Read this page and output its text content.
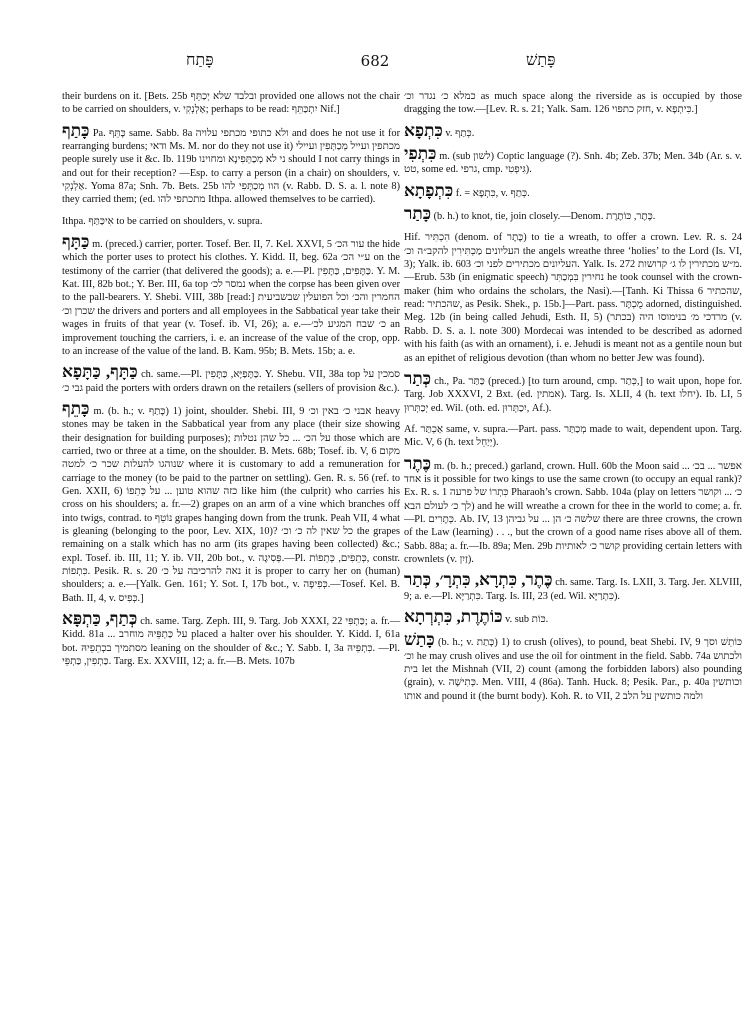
פָּתַח	682	פָּתַשׁ

their burdens on it. [Bets. 25b ובלבד שלא יְכַתֵּף provided one allows not the chair to be carried on shoulders, v. אַלְנְקִי; perhaps to be read: יִתְכַּתֵּף Nif.]

כָּתַף Pa. כָּתֵּף same. Sabb. 8a ולא כתופי מכתפי עלויה and does he not use it for rearranging burdens; ודאי Ms. M. nor do they not use it) מכתפין ועייל מְכַתְּפִין ועיילי people surely use it &c. Ib. 119b ני לא מְכַתְּפִינָא ומחוינו should I not carry things in and out for their reception? —Esp. to carry a person (in a chair) on shoulders, v. אַלְנְקִי. Yoma 87a; Snh. 7b. Bets. 25b הוו מְכַתְּפִי להו (v. Rabb. D. S. a. l. note 8) they carried them; (ed. מתכתפי להו Ithpa. allowed themselves to be carried).

Ithpa. אִיכַּתַּף to be carried on shoulders, v. supra.

כַּתָּף m. (preced.) carrier, porter. Tosef. Ber. II, 7. Kel. XXVI, 5 עור הכ׳ the hide which the porter uses to protect his clothes. Y. Kidd. II, beg. 62a ע״י הכ׳ on the testimony of the carrier (that delivered the goods); a. e.—Pl. כַּתָּפִים, כַּתָּפִין. Y. M. Kat. III, 82b bot.; Y. Ber. III, 6a top נמסר לכ׳ when the corpse has been given over to the pall-bearers. Y. Shebi. VIII, 38b [read:] החמרין והכ׳ וכל הפועלין שבשביעית שכרן וכ׳ the drivers and porters and all employees in the Sabbatical year take their wages in fruits of that year (v. Tosef. ib. VI, 26); a. e.—כ׳ שבח המגיע לכ׳ an improvement touching the carriers, i. e. an increase of the value of the crop, opp. to an increase of the value of the land. B. Kam. 95b; B. Mets. 15b; a. e.

כַּתָּף, כַּתָּפָא ch. same.—Pl. כַּתָּפַיָּא, כַּתָּפִין. Y. Shebu. VII, 38a top סמכין על גבי כ׳ paid the porters with orders drawn on the retailers (sellers of provision &c.).

כָּתֵף m. (b. h.; v. כָּתַף) 1) joint, shoulder. Shebi. III, 9 אבני כ׳ באין וכ׳ heavy stones may be taken in the Sabbatical year from any place (their size showing their designation for building purposes); על הכ׳ ... כל שהן נטלות those which are carried, two or three at a time, on the shoulder. B. Mets. 68b; Tosef. ib. V, 6 מקום שנוהגו להעלות שכר כ׳ למטה where it is customary to add a remuneration for carriage to the money (to be paid to the partner on settling). Gen. R. s. 56 (ref. to Gen. XXII, 6) כזה שהוא טוען ... על כְּתֵפוֹ like him (the culprit) who carries his cross on his shoulders; a. fr.—2) grapes on an arm of a vine which branches off into twigs, contrad. to נוֹטֵף grapes hanging down from the trunk. Peah VII, 4 what is gleaning (belonging to the poor, Lev. XIX, 10)? כל שאין לה כ׳ וכ׳ the grapes remaining on a stalk which has no arm (its grapes having been collected) &c.; expl. Tosef. ib. III, 11; Y. ib. VII, 20b bot., v. פְּסִיגָה.—Pl. כְּתֵפִים, כְּתֵפוֹת, constr. כִּתְפוֹת. Pesik. R. s. 20 נאה להרכיבה על כ׳ it is proper to carry her on (human) shoulders; a. e.—[Yalk. Gen. 161; Y. Sot. I, 17b bot., v. כְּפִיפָה.—Tosef. Kel. B. Bath. II, 4, v. כְּפִיס.]

כְּתַף, כַּתְפָּא ch. same. Targ. Zeph. III, 9. Targ. Job XXXI, 22 כַּתְפִּי; a. fr.—Kidd. 81a ... על כַּתְפֵּיהּ מוחרב placed a halter over his shoulder. Y. Kidd. I, 61a bot. מסתמיך בכְתֵפֵיהּ leaning on the shoulder of &c.; Y. Sabb. I, 3a כִּתְפֵּיהּ. —Pl. כַּתְפִין, כַּתְפֵּי. Targ. Ex. XXVIII, 12; a. fr.—B. Mets. 107b

כמלא כ׳ נגדר וכ׳ as much space along the riverside as is occupied by those dragging the tow.—[Lev. R. s. 21; Yalk. Sam. 126 חזק כתפוי, v. כִּיתְפָא.]

כִּתְפָא v. כְּתַף.

כִּתְפִי m. (sub לשון) Coptic language (?). Snh. 4b; Zeb. 37b; Men. 34b (Ar. s. v. טט, some ed. גרפי, cmp. גִּיפְטִי).

כִּתְפָתָא f. = כִּתְפָא, v. כְּתַף.

כָּתַר (b. h.) to knot, tie, join closely.—Denom. כֶּתֶר, כּוֹתֶרֶת.

Hif. הִכְתִּיר (denom. of כֶּתֶר) to tie a wreath, to offer a crown. Lev. R. s. 24 העליונים מַכְתִּירִין להקב״ה וכ׳ the angels wreathe three ‘holies’ to the Lord (Is. VI, 3); Yalk. ib. 603 העליונים מכתירים לפני וכ׳. Yalk. Is. 272 מ״ש מכתירין לו ג׳ קדושות.—Erub. 53b (in enigmatic speech) נחירין בִּמְכַתִּר he took counsel with the crown-maker (him who ordains the scholars, the Nasi).—[Tanh. Ki Thissa 6 שהכתיר, read: שהכתיר, as Pesik. Shek., p. 15b.]—Part. pass. מֻכְתָּר adorned, distinguished. Meg. 12b (in being called Jehudi, Esth. II, 5) מרדכי מ׳ בנימוסו היה (בכתר) (v. Rabb. D. S. a. l. note 300) Mordecai was intended to be described as adorned with his faith (as with an ornament), i. e. Jehudi is meant not as a gentile noun but as an epithet of religious devotion (than whom no better Jew was found).

כְּתַר ch., Pa. כַּתַּר (preced.) [to turn around, cmp. כְּתַר,] to wait upon, hope for. Targ. Job XXXVI, 2 Bxt. (ed. אמתין). Targ. Is. XLII, 4 (h. text יחלו). Ib. LI, 5 יְכַתְּרוּן ed. Wil. (oth. ed. יִכַתְּרוּן, Af.).

Af. אַכְתַּר same, v. supra.—Part. pass. מְכַתַּר made to wait, dependent upon. Targ. Mic. V, 6 (h. text יְיַחֵל).

כֶּתֶר m. (b. h.; preced.) garland, crown. Hull. 60b the Moon said ... אפשר ... בכ׳ אחד is it possible for two kings to use the same crown (to occupy an equal rank)? Ex. R. s. 1 כִּתְרוֹ של פרעה Pharaoh’s crown. Sabb. 104a (play on letters כ׳ ... וקושר לך כ׳ לעולם הבא) and he will wreathe a crown for thee in the world to come; a. fr.—Pl. כְּתָרִים. Ab. IV, 13 שלשה כ׳ הן ... על גביהן there are three crowns, the crown of the Law (learning) . . ., but the crown of a good name rises above all of them. Sabb. 88a; a. fr.—Ib. 89a; Men. 29b קושר כ׳ לאותיות providing certain letters with crownlets (v. זַיִן).

כֶּתֶר, כִּתְרָא, כִּתְרָ׳, כְּתַר ch. same. Targ. Is. LXII, 3. Targ. Jer. XLVIII, 9; a. e.—Pl. כִּתְרַיָּא. Targ. Is. III, 23 (ed. Wil. כִּתְרַיָּא).

כּוֹתֶרֶת, כִּתְרְתָא v. sub כּוֹת.

כָּתַשׁ (b. h.; v. כָּתַת) 1) to crush (olives), to pound, beat Shebi. IV, 9 כּוֹתֵשׁ וסך וכ׳ he may crush olives and use the oil for ointment in the field. Sabb. 74a ולכתוש בית let the Mishnah (VII, 2) count (among the forbidden labors) also pounding (grain), v. כְּתִישָׁה. Men. VIII, 4 (86a). Tanh. Huck. 8; Pesik. Par., p. 40a וכותשין אותו and pound it (the burnt body). Koh. R. to VII, 2 ולמה כותשין על הלב
